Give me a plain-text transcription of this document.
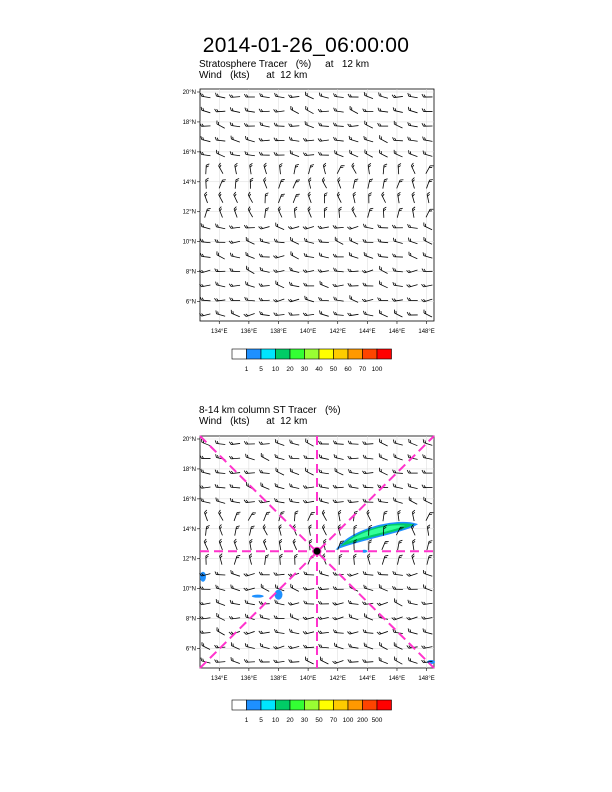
2014-01-26_06:00:00
Stratosphere Tracer   (%)     at   12 km
Wind   (kts)      at  12 km
134°E 136°E 138°E 140°E 142°E 144°E 146°E 148°E
6°N
8°N
10°N
12°N
14°N
16°N
18°N
20°N
1 5 10 20 30 40 50 60 70 100
8-14 km column ST Tracer   (%)
Wind   (kts)      at  12 km
134°E 136°E 138°E 140°E 142°E 144°E 146°E 148°E
6°N
8°N
10°N
12°N
14°N
16°N
18°N
20°N
1 5 10 20 30 50 70 100 200 500
